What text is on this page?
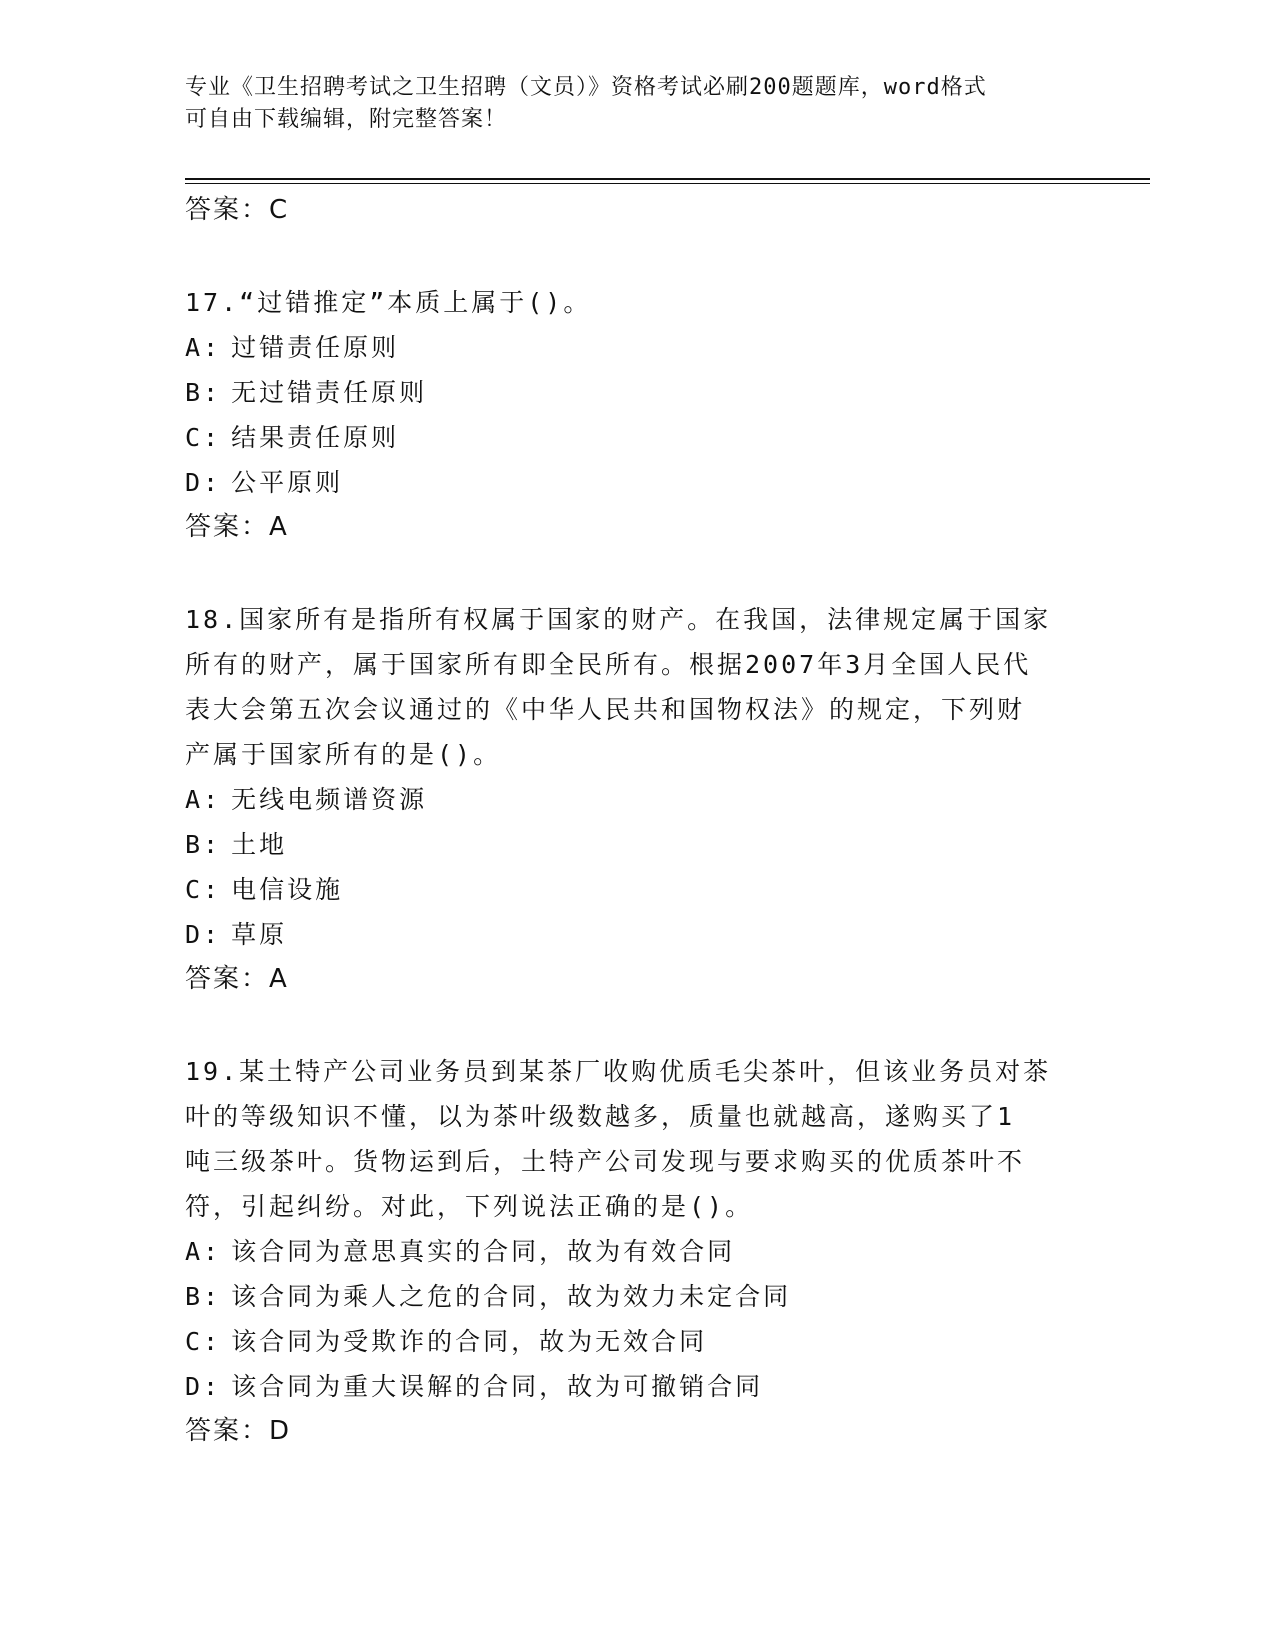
专业《卫生招聘考试之卫生招聘（文员）》资格考试必刷200题题库，word格式
可自由下载编辑，附完整答案！
答案：C
17.“过错推定”本质上属于()。
A: 过错责任原则
B: 无过错责任原则
C: 结果责任原则
D: 公平原则
答案：A
18.国家所有是指所有权属于国家的财产。在我国，法律规定属于国家
所有的财产，属于国家所有即全民所有。根据2007年3月全国人民代
表大会第五次会议通过的《中华人民共和国物权法》的规定，下列财
产属于国家所有的是()。
A: 无线电频谱资源
B: 土地
C: 电信设施
D: 草原
答案：A
19.某土特产公司业务员到某茶厂收购优质毛尖茶叶，但该业务员对茶
叶的等级知识不懂，以为茶叶级数越多，质量也就越高，遂购买了1
吨三级茶叶。货物运到后，土特产公司发现与要求购买的优质茶叶不
符，引起纠纷。对此，下列说法正确的是()。
A: 该合同为意思真实的合同，故为有效合同
B: 该合同为乘人之危的合同，故为效力未定合同
C: 该合同为受欺诈的合同，故为无效合同
D: 该合同为重大误解的合同，故为可撤销合同
答案：D
